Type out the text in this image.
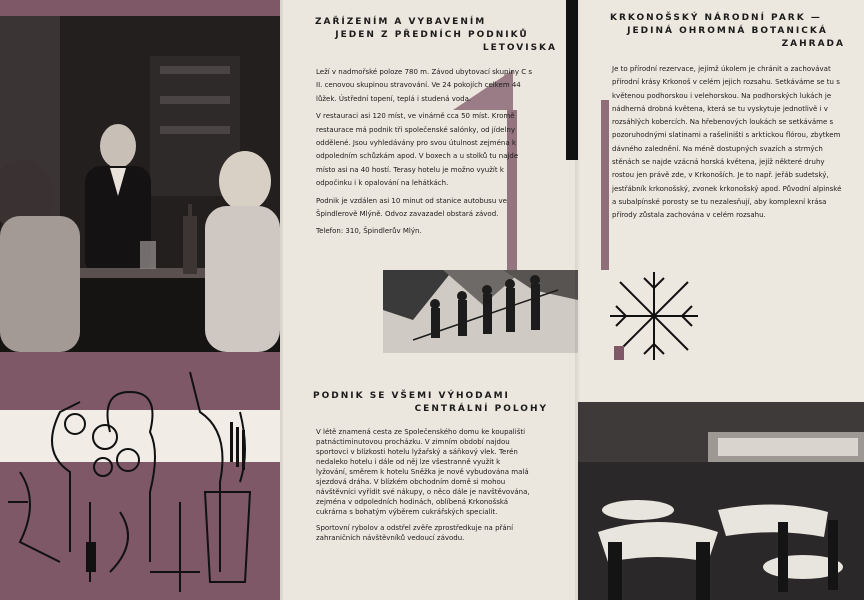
ZAŘÍZENÍM A VYBAVENÍM
JEDEN Z PŘEDNÍCH PODNIKŮ
LETOVISKA

Leží v nadmořské poloze 780 m. Závod ubytovací skupiny C s II. cenovou skupinou stravování. Ve 24 pokojích celkem 44 lůžek. Ústřední topení, teplá i studená voda.

V restauraci asi 120 míst, ve vinárně cca 50 míst. Kromě restaurace má podnik tři společenské salónky, od jídelny oddělené. Jsou vyhledávány pro svou útulnost zejména k odpoledním schůzkám apod. V boxech a u stolků tu najde místo asi na 40 hostí. Terasy hotelu je možno využít k odpočinku i k opalování na lehátkách.

Podnik je vzdálen asi 10 minut od stanice autobusu ve Špindlerově Mlýně. Odvoz zavazadel obstará závod.

Telefon: 310, Špindlerův Mlýn.

PODNIK SE VŠEMI VÝHODAMI
CENTRÁLNÍ POLOHY

V létě znamená cesta ze Společenského domu ke koupališti patnáctiminutovou procházku. V zimním období najdou sportovci v blízkosti hotelu lyžařský a sáňkový vlek. Terén nedaleko hotelu i dále od něj lze všestranně využít k lyžování, směrem k hotelu Sněžka je nově vybudována malá sjezdová dráha. V blízkém obchodním domě si mohou návštěvníci vyřídit své nákupy, o něco dále je navštěvována, zejména v odpoledních hodinách, oblíbená Krkonošská cukrárna s bohatým výběrem cukrářských specialit.

Sportovní rybolov a odstřel zvěře zprostředkuje na přání zahraničních návštěvníků vedoucí závodu.

KRKONOŠSKÝ NÁRODNÍ PARK —
JEDINÁ OHROMNÁ BOTANICKÁ
ZAHRADA
Je to přírodní rezervace, jejímž úkolem je chránit a zachovávat přírodní krásy Krkonoš v celém jejich rozsahu. Setkáváme se tu s květenou podhorskou i velehorskou. Na podhorských lukách je nádherná drobná květena, která se tu vyskytuje jednotlivě i v rozsáhlých kobercích. Na hřebenových loukách se setkáváme s pozoruhodnými slatinami a rašeliništi s arktickou flórou, zbytkem dávného zalednění. Na méně dostupných svazích a strmých stěnách se najde vzácná horská květena, jejíž některé druhy rostou jen právě zde, v Krkonoších. Je to např. jeřáb sudetský, jestřábník krkonošský, zvonek krkonošský apod. Původní alpinské a subalpínské porosty se tu nezalesňují, aby komplexní krása přírody zůstala zachována v celém rozsahu.
